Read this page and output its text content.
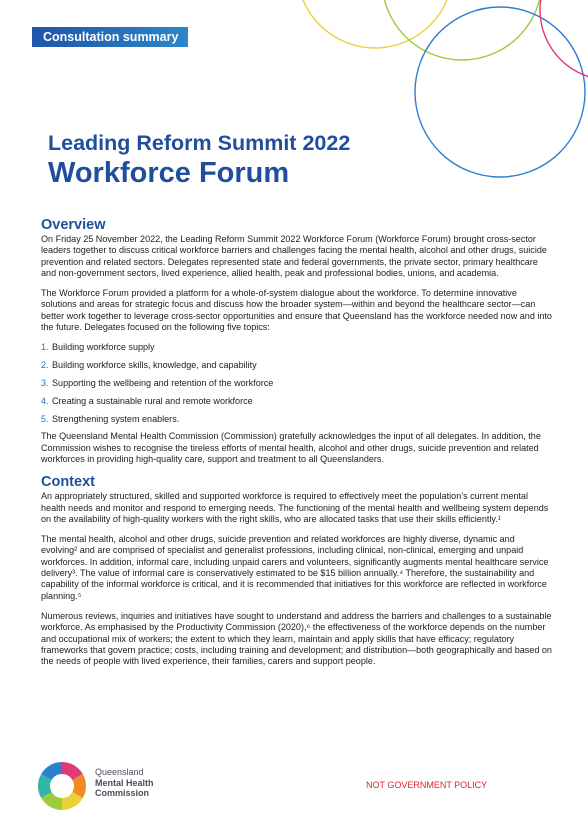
Consultation summary
Leading Reform Summit 2022
Workforce Forum
Overview

On Friday 25 November 2022, the Leading Reform Summit 2022 Workforce Forum (Workforce Forum) brought cross-sector leaders together to discuss critical workforce barriers and challenges facing the mental health, alcohol and other drugs, suicide prevention and related sectors. Delegates represented state and federal governments, the private sector, primary healthcare and non-government sectors, lived experience, allied health, peak and professional bodies, unions, and academia.

The Workforce Forum provided a platform for a whole-of-system dialogue about the workforce. To determine innovative solutions and areas for strategic focus and discuss how the broader system—within and beyond the healthcare sector—can better work together to leverage cross-sector opportunities and ensure that Queensland has the workforce needed now and into the future. Delegates focused on the following five topics:

1. Building workforce supply
2. Building workforce skills, knowledge, and capability
3. Supporting the wellbeing and retention of the workforce
4. Creating a sustainable rural and remote workforce
5. Strengthening system enablers.

The Queensland Mental Health Commission (Commission) gratefully acknowledges the input of all delegates. In addition, the Commission wishes to recognise the tireless efforts of mental health, alcohol and other drugs, suicide prevention and related workforces in providing high-quality care, support and treatment to all Queenslanders.

Context

An appropriately structured, skilled and supported workforce is required to effectively meet the population’s current mental health needs and monitor and respond to emerging needs. The functioning of the mental health and wellbeing system depends on the availability of high-quality workers with the right skills, who are allocated tasks that use their skills efficiently.¹

The mental health, alcohol and other drugs, suicide prevention and related workforces are highly diverse, dynamic and evolving² and are comprised of specialist and generalist professions, including clinical, non-clinical, emerging and unpaid workforces. In addition, informal care, including unpaid carers and volunteers, significantly augments mental healthcare service delivery³. The value of informal care is conservatively estimated to be $15 billion annually.⁴ Therefore, the sustainability and capability of the informal workforce is critical, and it is recommended that initiatives for this workforce are reflected in workforce planning.⁵

Numerous reviews, inquiries and initiatives have sought to understand and address the barriers and challenges to a sustainable workforce. As emphasised by the Productivity Commission (2020),⁶ the effectiveness of the workforce depends on the number and occupational mix of workers; the extent to which they learn, maintain and apply skills that have efficacy; regulatory frameworks that govern practice; costs, including training and development; and distribution—both geographically and based on the needs of people with lived experience, their families, carers and support people.

Queensland
Mental Health
Commission
NOT GOVERNMENT POLICY
